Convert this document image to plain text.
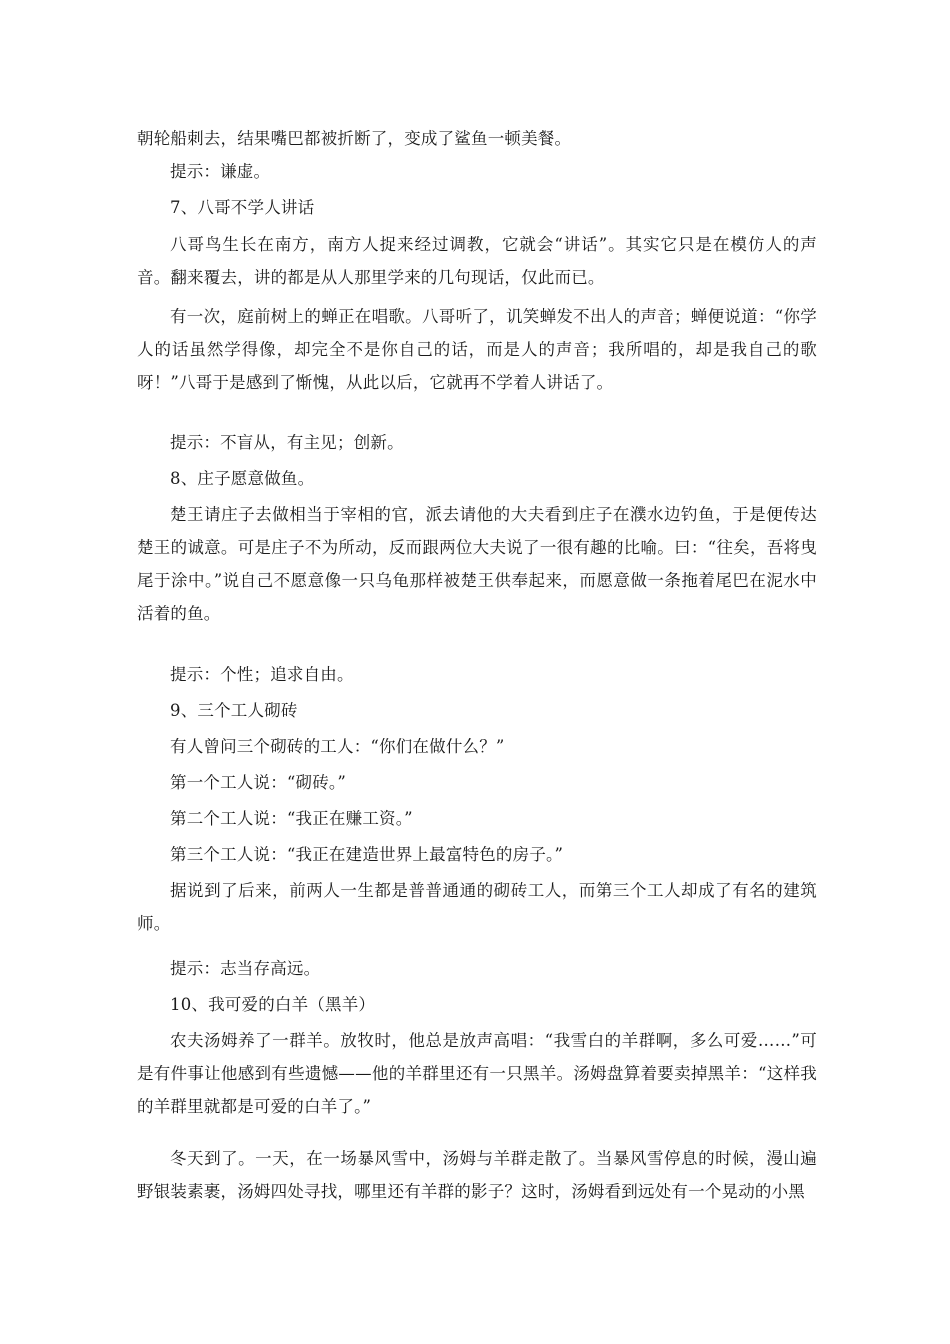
朝轮船刺去，结果嘴巴都被折断了，变成了鲨鱼一顿美餐。
提示：谦虚。
7、八哥不学人讲话
八哥鸟生长在南方，南方人捉来经过调教，它就会“讲话”。其实它只是在模仿人的声音。翻来覆去，讲的都是从人那里学来的几句现话，仅此而已。
有一次，庭前树上的蝉正在唱歌。八哥听了，讥笑蝉发不出人的声音；蝉便说道：“你学人的话虽然学得像，却完全不是你自己的话，而是人的声音；我所唱的，却是我自己的歌呀！”八哥于是感到了惭愧，从此以后，它就再不学着人讲话了。
提示：不盲从，有主见；创新。
8、庄子愿意做鱼。
楚王请庄子去做相当于宰相的官，派去请他的大夫看到庄子在濮水边钓鱼，于是便传达楚王的诚意。可是庄子不为所动，反而跟两位大夫说了一很有趣的比喻。曰：“往矣，吾将曳尾于涂中。”说自己不愿意像一只乌龟那样被楚王供奉起来，而愿意做一条拖着尾巴在泥水中活着的鱼。
提示：个性；追求自由。
9、三个工人砌砖
有人曾问三个砌砖的工人：“你们在做什么？”
第一个工人说：“砌砖。”
第二个工人说：“我正在赚工资。”
第三个工人说：“我正在建造世界上最富特色的房子。”
据说到了后来，前两人一生都是普普通通的砌砖工人，而第三个工人却成了有名的建筑师。
提示：志当存高远。
10、我可爱的白羊（黑羊）
农夫汤姆养了一群羊。放牧时，他总是放声高唱：“我雪白的羊群啊，多么可爱……”可是有件事让他感到有些遗憾——他的羊群里还有一只黑羊。汤姆盘算着要卖掉黑羊：“这样我的羊群里就都是可爱的白羊了。”
冬天到了。一天，在一场暴风雪中，汤姆与羊群走散了。当暴风雪停息的时候，漫山遍野银装素裹，汤姆四处寻找，哪里还有羊群的影子？这时，汤姆看到远处有一个晃动的小黑
